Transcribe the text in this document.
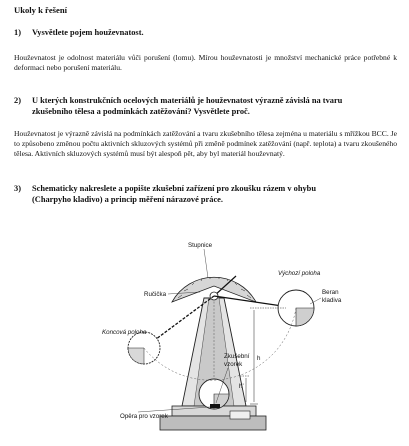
Ukoly k řešení
1) Vysvětlete pojem houževnatost.
Houževnatost je odolnost materiálu vůči porušení (lomu). Mírou houževnatosti je množství mechanické práce potřebné k deformaci nebo porušení materiálu.
2) U kterých konstrukčních ocelových materiálů je houževnatost výrazně závislá na tvaru
zkušebního tělesa a podmínkách zatěžování? Vysvětlete proč.
Houževnatost je výrazně závislá na podmínkách zatěžování a tvaru zkušebního tělesa zejména u materiálu s mřížkou BCC. Je to způsobeno změnou počtu aktivních skluzových systémů při změně podmínek zatěžování (např. teplota) a tvaru zkoušeného tělesa. Aktivních skluzových systémů musí být alespoň pět, aby byl materiál houževnatý.
3) Schematicky nakreslete a popište zkušební zařízení pro zkoušku rázem v ohybu
(Charpyho kladivo) a princip měření nárazové práce.
Stupnice
Ručička
Výchozí poloha
Beran
kladiva
Koncová poloha
Zkušební
vzorek
h
h'
Opěra pro vzorek
